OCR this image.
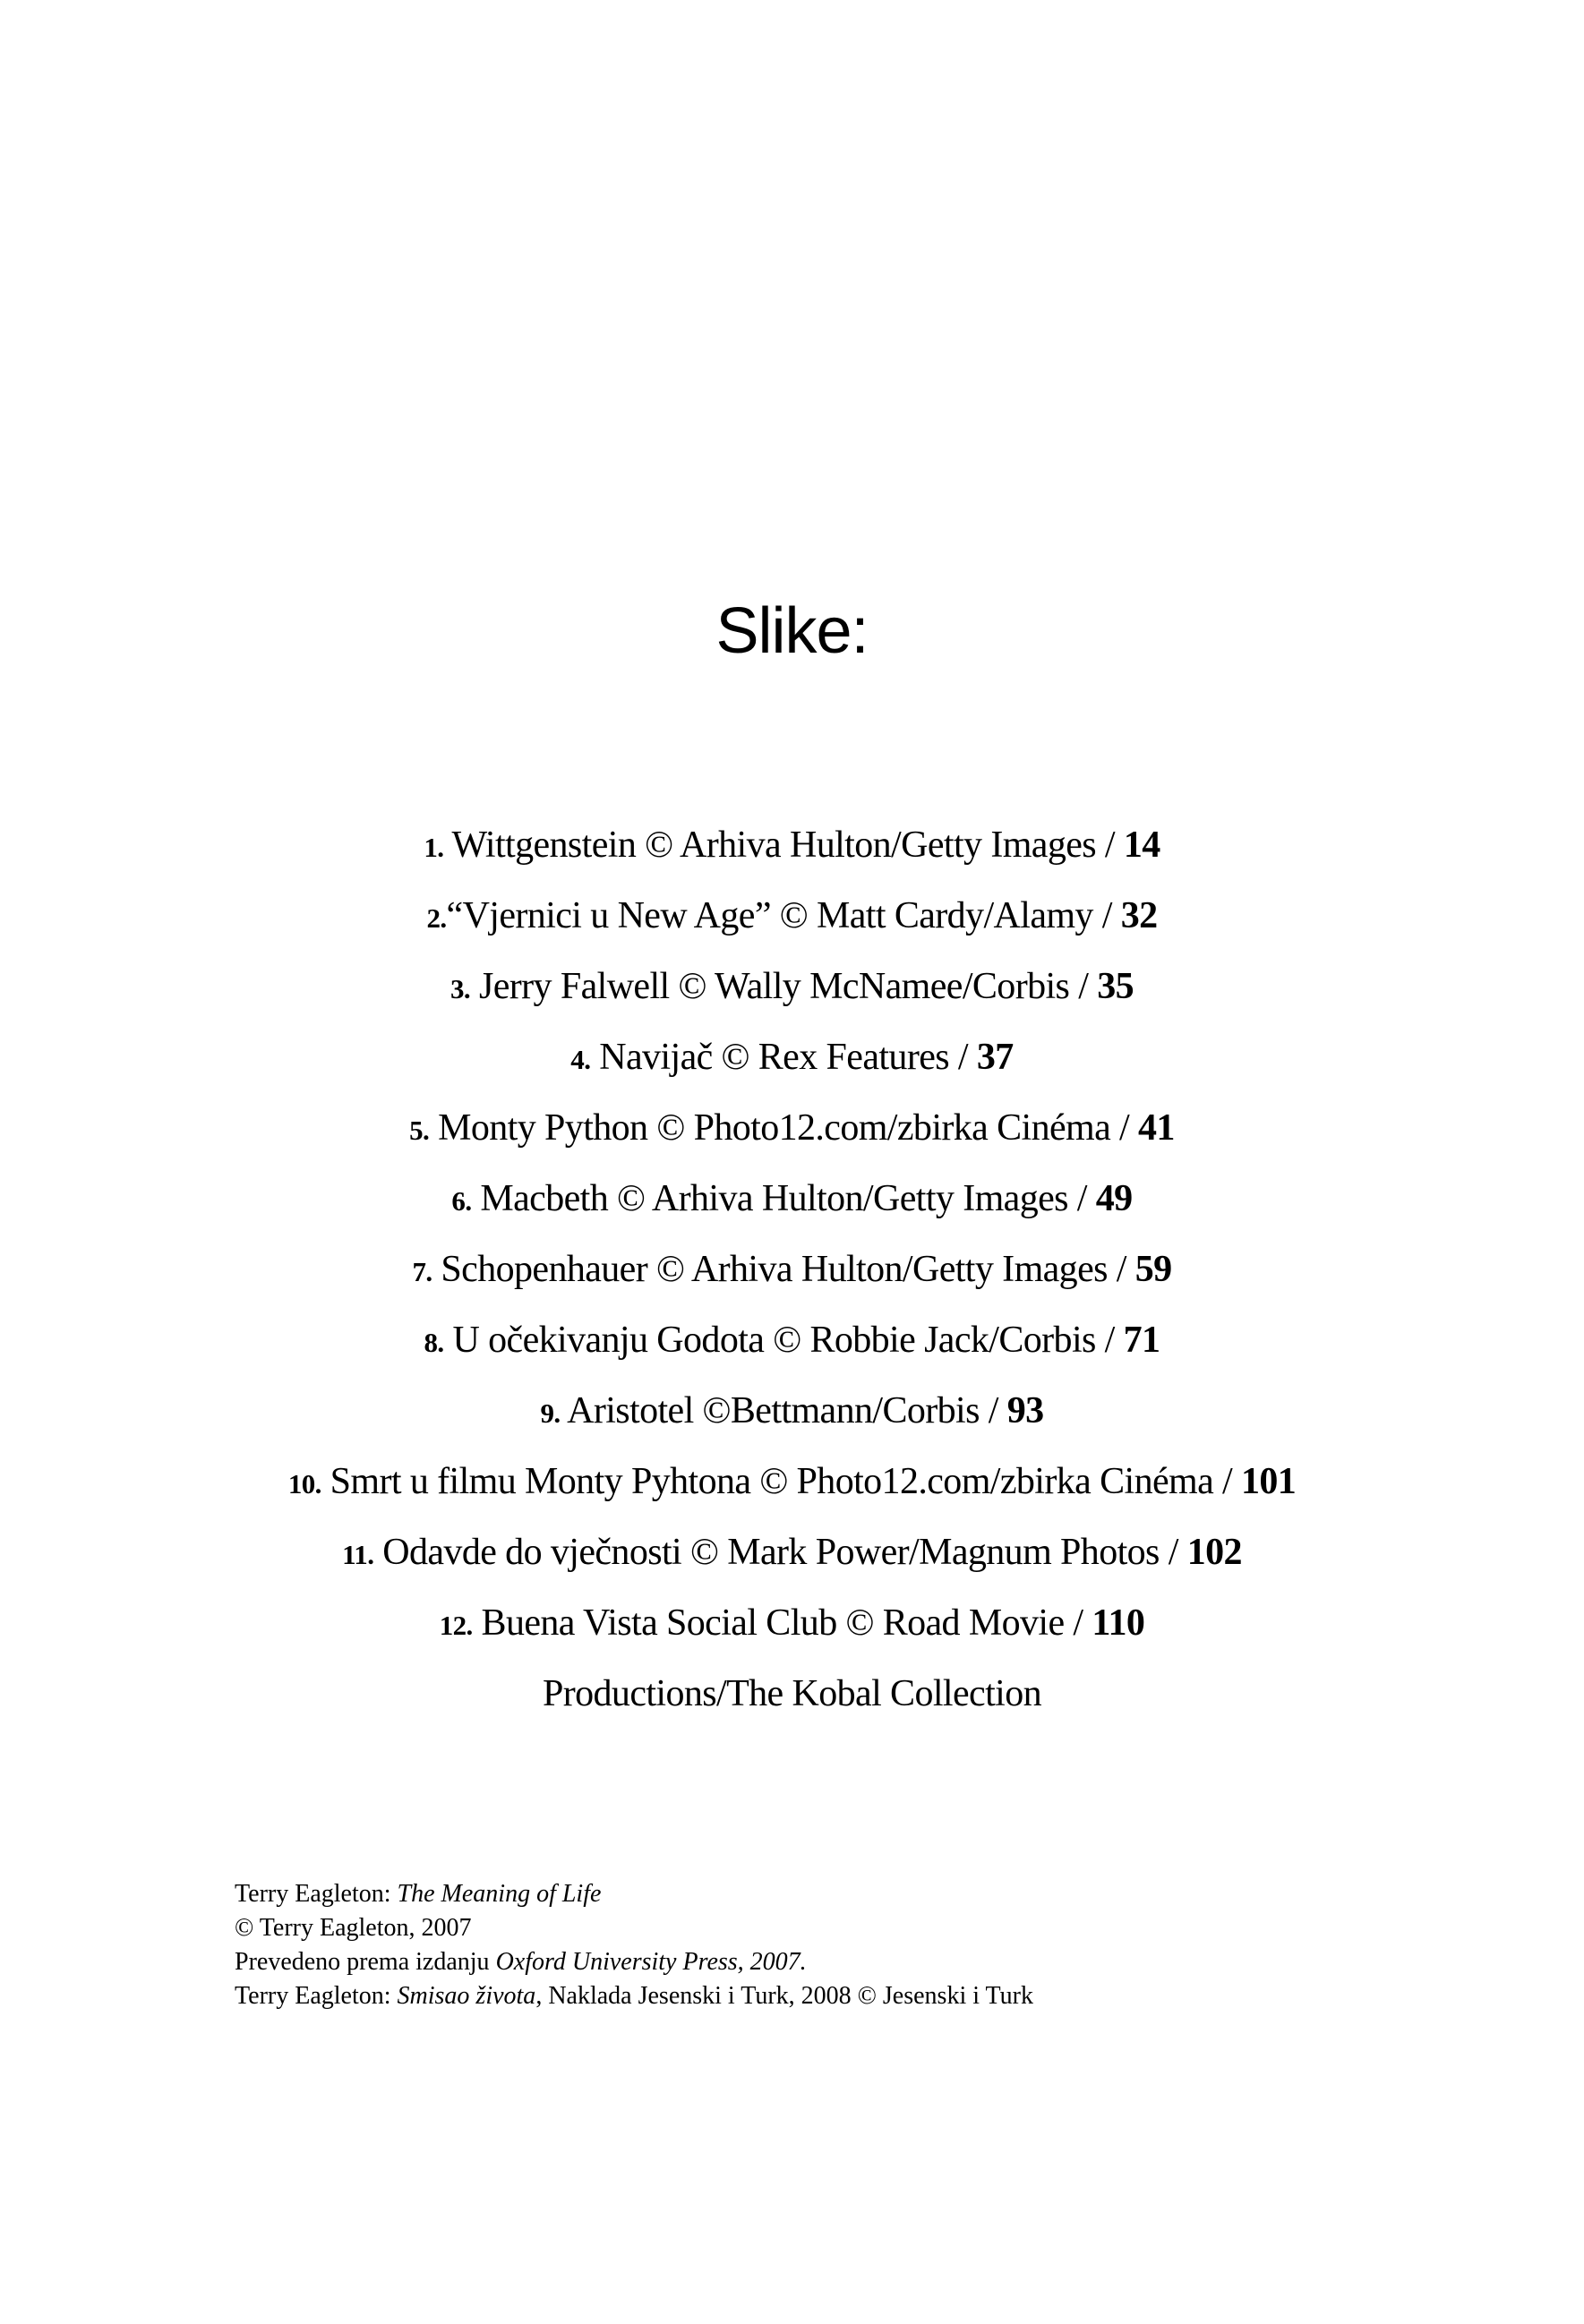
Slike:
1. Wittgenstein © Arhiva Hulton/Getty Images / 14
2.“Vjernici u New Age” © Matt Cardy/Alamy / 32
3. Jerry Falwell © Wally McNamee/Corbis / 35
4. Navijač © Rex Features / 37
5. Monty Python © Photo12.com/zbirka Cinéma / 41
6. Macbeth © Arhiva Hulton/Getty Images / 49
7. Schopenhauer © Arhiva Hulton/Getty Images / 59
8. U očekivanju Godota © Robbie Jack/Corbis / 71
9. Aristotel ©Bettmann/Corbis / 93
10. Smrt u filmu Monty Pyhtona © Photo12.com/zbirka Cinéma / 101
11. Odavde do vječnosti © Mark Power/Magnum Photos / 102
12. Buena Vista Social Club © Road Movie / 110
Productions/The Kobal Collection
Terry Eagleton: The Meaning of Life
© Terry Eagleton, 2007
Prevedeno prema izdanju Oxford University Press, 2007.
Terry Eagleton: Smisao života, Naklada Jesenski i Turk, 2008 © Jesenski i Turk
